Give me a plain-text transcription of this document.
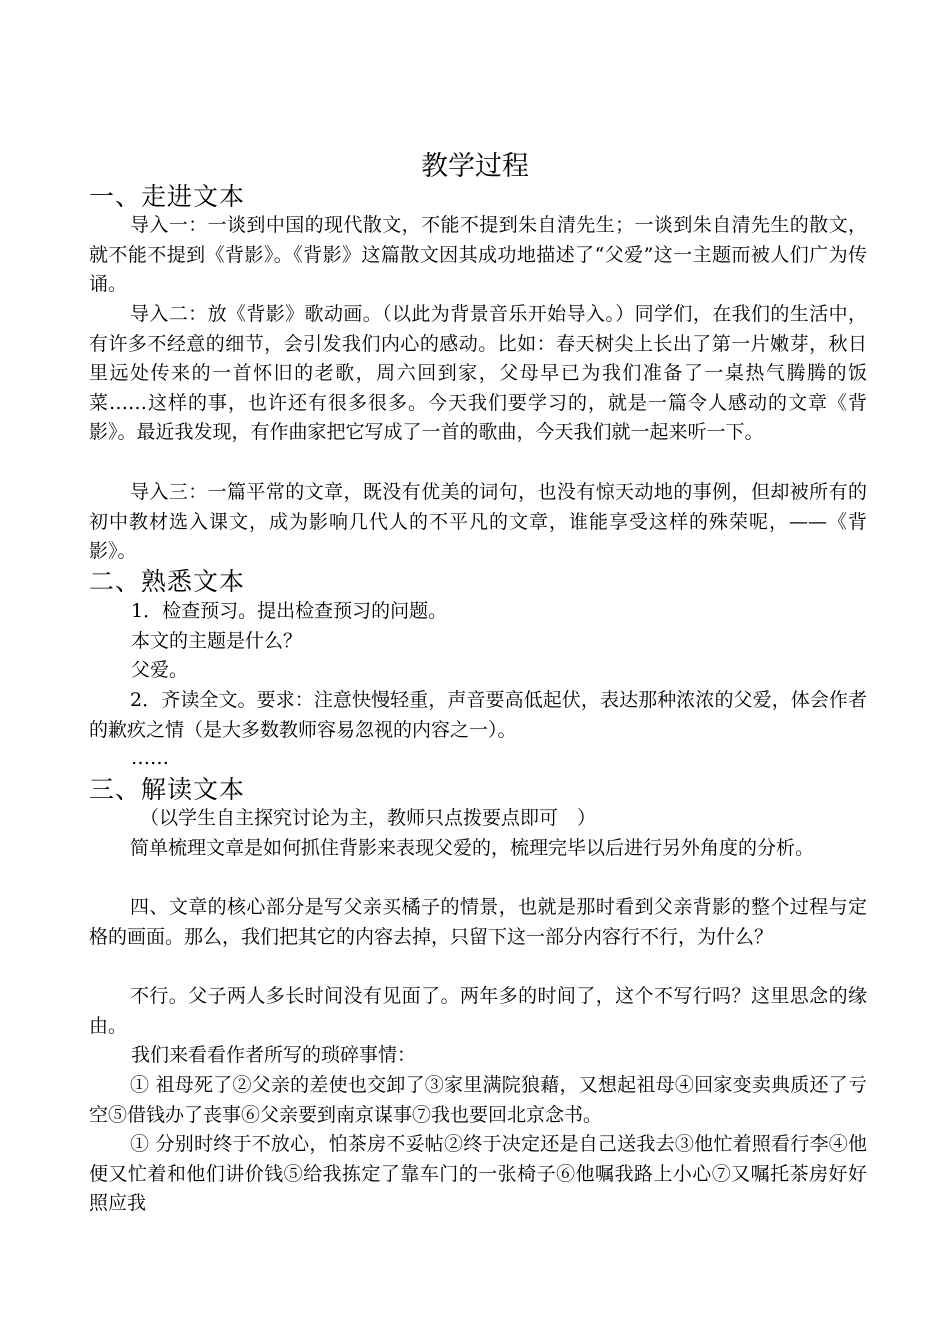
教学过程
一、走进文本
导入一：一谈到中国的现代散文，不能不提到朱自清先生；一谈到朱自清先生的散文，就不能不提到《背影》。《背影》这篇散文因其成功地描述了“父爱”这一主题而被人们广为传诵。
导入二：放《背影》歌动画。（以此为背景音乐开始导入。）同学们，在我们的生活中，有许多不经意的细节，会引发我们内心的感动。比如：春天树尖上长出了第一片嫩芽，秋日里远处传来的一首怀旧的老歌，周六回到家，父母早已为我们准备了一桌热气腾腾的饭菜……这样的事，也许还有很多很多。今天我们要学习的，就是一篇令人感动的文章《背影》。最近我发现，有作曲家把它写成了一首的歌曲，今天我们就一起来听一下。
导入三：一篇平常的文章，既没有优美的词句，也没有惊天动地的事例，但却被所有的初中教材选入课文，成为影响几代人的不平凡的文章，谁能享受这样的殊荣呢，——《背影》。
二、熟悉文本
1．检查预习。提出检查预习的问题。
本文的主题是什么？
父爱。
2．齐读全文。要求：注意快慢轻重，声音要高低起伏，表达那种浓浓的父爱，体会作者的歉疚之情（是大多数教师容易忽视的内容之一）。
……
三、解读文本
（以学生自主探究讨论为主，教师只点拨要点即可　）
简单梳理文章是如何抓住背影来表现父爱的，梳理完毕以后进行另外角度的分析。
四、文章的核心部分是写父亲买橘子的情景，也就是那时看到父亲背影的整个过程与定格的画面。那么，我们把其它的内容去掉，只留下这一部分内容行不行，为什么？
不行。父子两人多长时间没有见面了。两年多的时间了，这个不写行吗？这里思念的缘由。
我们来看看作者所写的琐碎事情：
① 祖母死了②父亲的差使也交卸了③家里满院狼藉，又想起祖母④回家变卖典质还了亏空⑤借钱办了丧事⑥父亲要到南京谋事⑦我也要回北京念书。
① 分别时终于不放心，怕茶房不妥帖②终于决定还是自己送我去③他忙着照看行李④他便又忙着和他们讲价钱⑤给我拣定了靠车门的一张椅子⑥他嘱我路上小心⑦又嘱托茶房好好照应我
